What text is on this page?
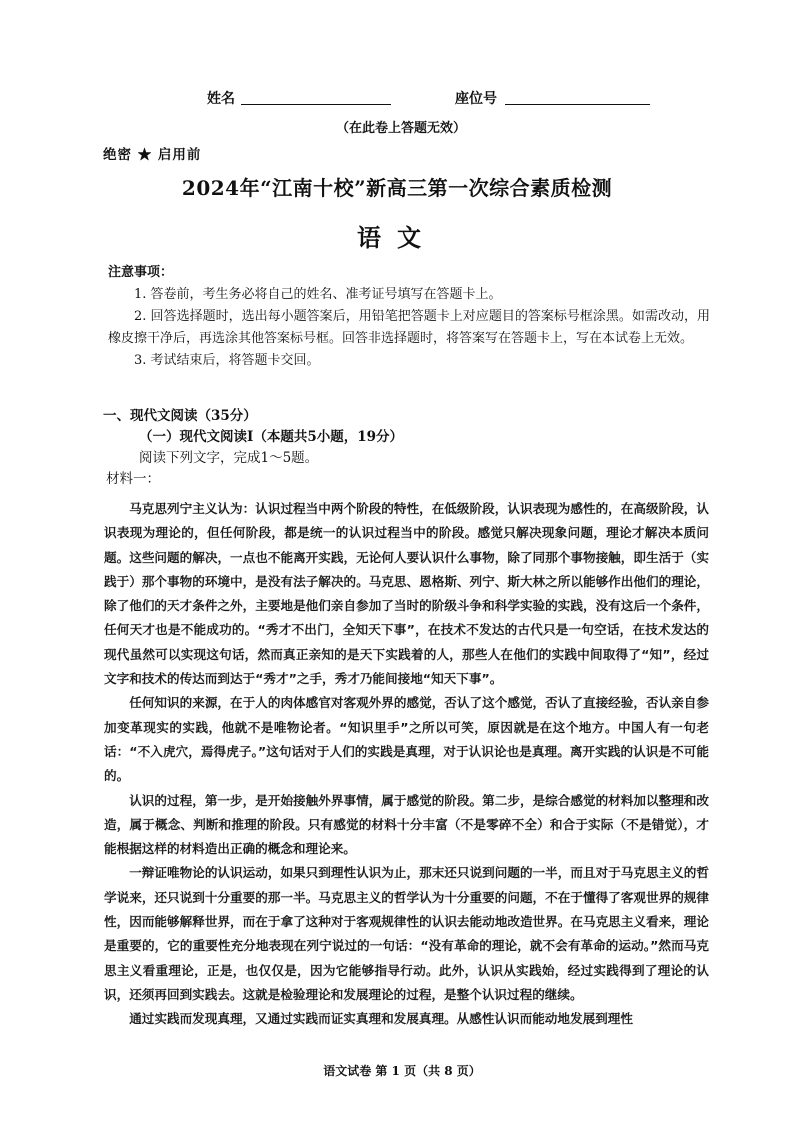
姓名	座位号
（在此卷上答题无效）
绝密 ★ 启用前
2024年“江南十校”新高三第一次综合素质检测
语文
注意事项：

1. 答卷前，考生务必将自己的姓名、准考证号填写在答题卡上。

2. 回答选择题时，选出每小题答案后，用铅笔把答题卡上对应题目的答案标号框涂黑。如需改动，用橡皮擦干净后，再选涂其他答案标号框。回答非选择题时，将答案写在答题卡上，写在本试卷上无效。

3. 考试结束后，将答题卡交回。

一、现代文阅读（35分）
（一）现代文阅读Ⅰ（本题共5小题，19分）
阅读下列文字，完成1～5题。
材料一：

马克思列宁主义认为：认识过程当中两个阶段的特性，在低级阶段，认识表现为感性的，在高级阶段，认识表现为理论的，但任何阶段，都是统一的认识过程当中的阶段。感觉只解决现象问题，理论才解决本质问题。这些问题的解决，一点也不能离开实践，无论何人要认识什么事物，除了同那个事物接触，即生活于（实践于）那个事物的环境中，是没有法子解决的。马克思、恩格斯、列宁、斯大林之所以能够作出他们的理论，除了他们的天才条件之外，主要地是他们亲自参加了当时的阶级斗争和科学实验的实践，没有这后一个条件，任何天才也是不能成功的。“秀才不出门，全知天下事”，在技术不发达的古代只是一句空话，在技术发达的现代虽然可以实现这句话，然而真正亲知的是天下实践着的人，那些人在他们的实践中间取得了“知”，经过文字和技术的传达而到达于“秀才”之手，秀才乃能间接地“知天下事”。

任何知识的来源，在于人的肉体感官对客观外界的感觉，否认了这个感觉，否认了直接经验，否认亲自参加变革现实的实践，他就不是唯物论者。“知识里手”之所以可笑，原因就是在这个地方。中国人有一句老话：“不入虎穴，焉得虎子。”这句话对于人们的实践是真理，对于认识论也是真理。离开实践的认识是不可能的。

认识的过程，第一步，是开始接触外界事情，属于感觉的阶段。第二步，是综合感觉的材料加以整理和改造，属于概念、判断和推理的阶段。只有感觉的材料十分丰富（不是零碎不全）和合于实际（不是错觉），才能根据这样的材料造出正确的概念和理论来。

一辩证唯物论的认识运动，如果只到理性认识为止，那末还只说到问题的一半，而且对于马克思主义的哲学说来，还只说到十分重要的那一半。马克思主义的哲学认为十分重要的问题，不在于懂得了客观世界的规律性，因而能够解释世界，而在于拿了这种对于客观规律性的认识去能动地改造世界。在马克思主义看来，理论是重要的，它的重要性充分地表现在列宁说过的一句话：“没有革命的理论，就不会有革命的运动。”然而马克思主义看重理论，正是，也仅仅是，因为它能够指导行动。此外，认识从实践始，经过实践得到了理论的认识，还须再回到实践去。这就是检验理论和发展理论的过程，是整个认识过程的继续。

通过实践而发现真理，又通过实践而证实真理和发展真理。从感性认识而能动地发展到理性

语文试卷 第 1 页（共 8 页）
